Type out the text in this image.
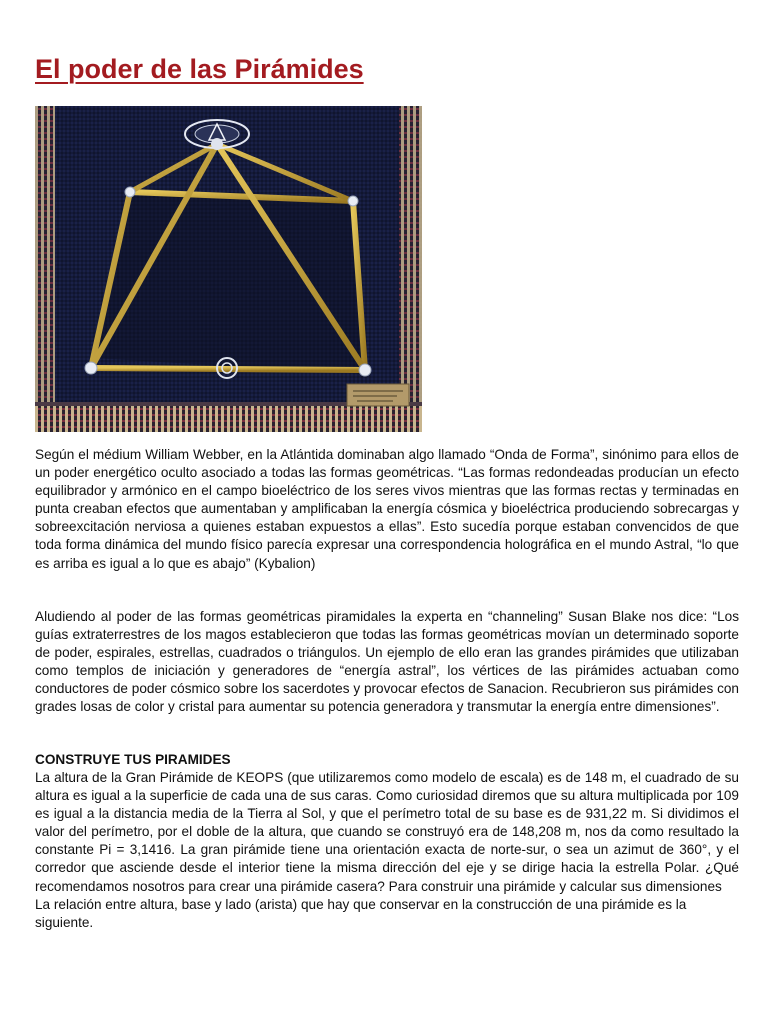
El poder de las Pirámides

Según el médium William Webber, en la Atlántida dominaban algo llamado “Onda de Forma”, sinónimo para ellos de un poder energético oculto asociado a todas las formas geométricas. “Las formas redondeadas producían un efecto equilibrador y armónico en el campo bioeléctrico de los seres vivos mientras que las formas rectas y terminadas en punta creaban efectos que aumentaban y amplificaban la energía cósmica y bioeléctrica produciendo sobrecargas y sobreexcitación nerviosa a quienes estaban expuestos a ellas”. Esto sucedía porque estaban convencidos de que toda forma dinámica del mundo físico parecía expresar una correspondencia holográfica en el mundo Astral, “lo que es arriba es igual a lo que es abajo” (Kybalion)

Aludiendo al poder de las formas geométricas piramidales la experta en “channeling” Susan Blake nos dice: “Los guías extraterrestres de los magos establecieron que todas las formas geométricas movían un determinado soporte de poder, espirales, estrellas, cuadrados o triángulos. Un ejemplo de ello eran las grandes pirámides que utilizaban como templos de iniciación y generadores de “energía astral”, los vértices de las pirámides actuaban como conductores de poder cósmico sobre los sacerdotes y provocar efectos de Sanacion. Recubrieron sus pirámides con grades losas de color y cristal para aumentar su potencia generadora y transmutar la energía entre dimensiones”.

CONSTRUYE TUS PIRAMIDES
La altura de la Gran Pirámide de KEOPS (que utilizaremos como modelo de escala) es de 148 m, el cuadrado de su altura es igual a la superficie de cada una de sus caras. Como curiosidad diremos que su altura multiplicada por 109 es igual a la distancia media de la Tierra al Sol, y que el perímetro total de su base es de 931,22 m. Si dividimos el valor del perímetro, por el doble de la altura, que cuando se construyó era de 148,208 m, nos da como resultado la constante Pi = 3,1416. La gran pirámide tiene una orientación exacta de norte-sur, o sea un azimut de 360°, y el corredor que asciende desde el interior tiene la misma dirección del eje y se dirige hacia la estrella Polar. ¿Qué recomendamos nosotros para crear una pirámide casera? Para construir una pirámide y calcular sus dimensiones
La relación entre altura, base y lado (arista) que hay que conservar en la construcción de una pirámide es la siguiente.
